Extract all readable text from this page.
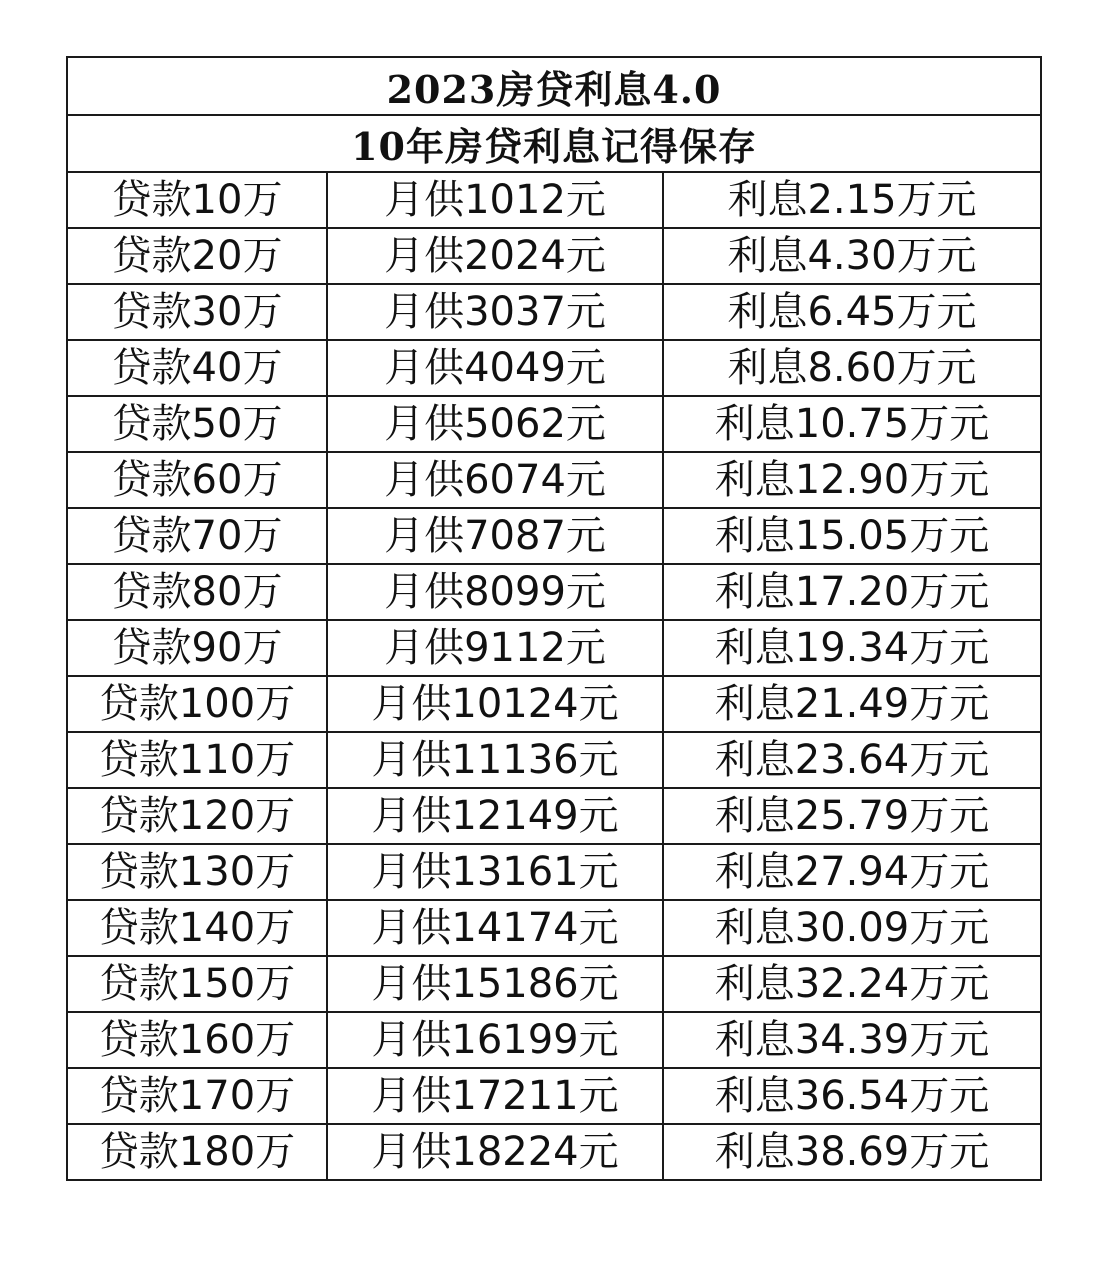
2023房贷利息4.0		
10年房贷利息记得保存		
贷款10万	月供1012元	利息2.15万元
贷款20万	月供2024元	利息4.30万元
贷款30万	月供3037元	利息6.45万元
贷款40万	月供4049元	利息8.60万元
贷款50万	月供5062元	利息10.75万元
贷款60万	月供6074元	利息12.90万元
贷款70万	月供7087元	利息15.05万元
贷款80万	月供8099元	利息17.20万元
贷款90万	月供9112元	利息19.34万元
贷款100万	月供10124元	利息21.49万元
贷款110万	月供11136元	利息23.64万元
贷款120万	月供12149元	利息25.79万元
贷款130万	月供13161元	利息27.94万元
贷款140万	月供14174元	利息30.09万元
贷款150万	月供15186元	利息32.24万元
贷款160万	月供16199元	利息34.39万元
贷款170万	月供17211元	利息36.54万元
贷款180万	月供18224元	利息38.69万元
